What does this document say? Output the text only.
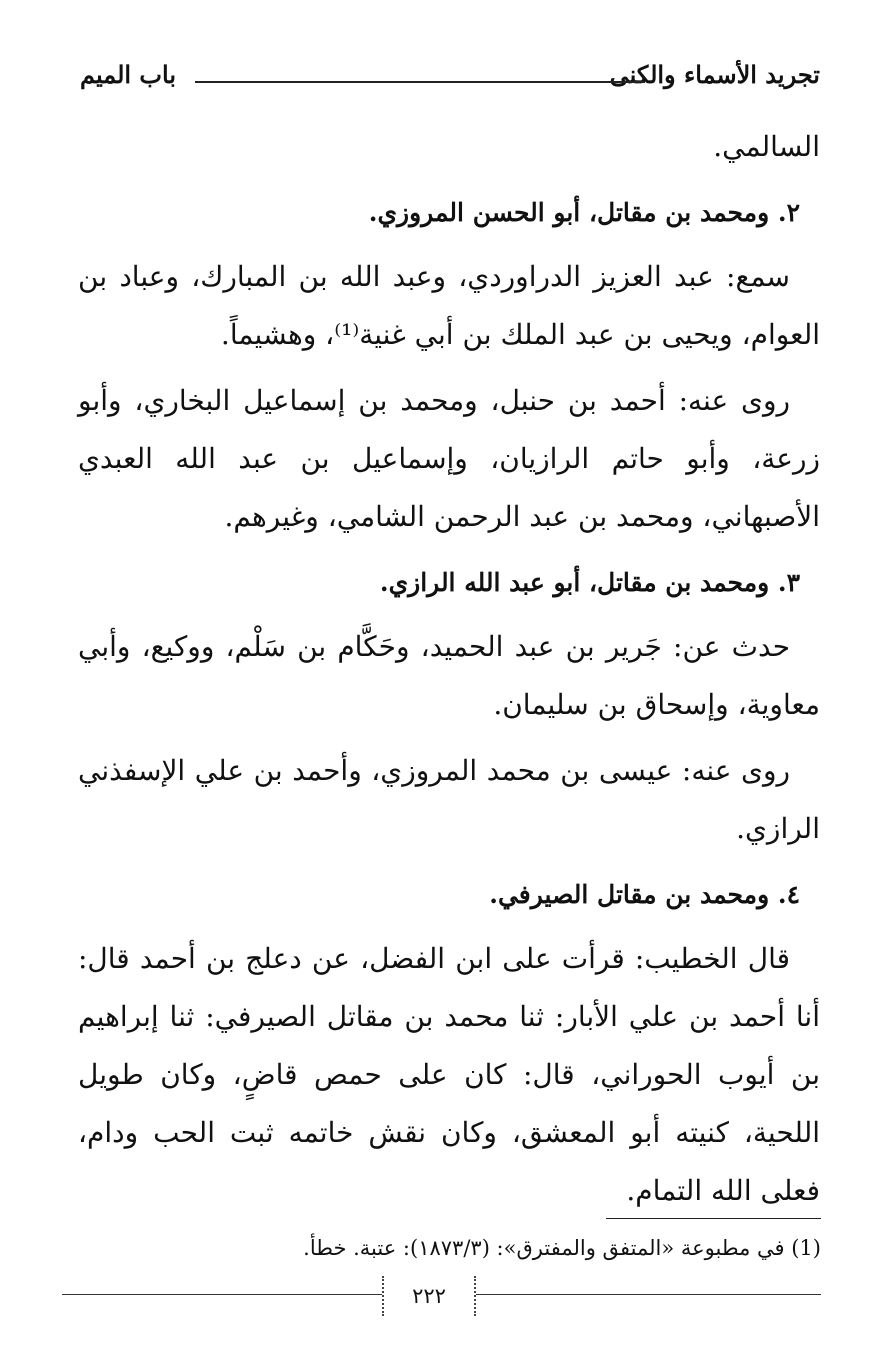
تجريد الأسماء والكنى
باب الميم

السالمي.

٢. ومحمد بن مقاتل، أبو الحسن المروزي.

سمع: عبد العزيز الدراوردي، وعبد الله بن المبارك، وعباد بن العوام، ويحيى بن عبد الملك بن أبي غنية⁽¹⁾، وهشيماً.

روى عنه: أحمد بن حنبل، ومحمد بن إسماعيل البخاري، وأبو زرعة، وأبو حاتم الرازيان، وإسماعيل بن عبد الله العبدي الأصبهاني، ومحمد بن عبد الرحمن الشامي، وغيرهم.

٣. ومحمد بن مقاتل، أبو عبد الله الرازي.

حدث عن: جَرير بن عبد الحميد، وحَكَّام بن سَلْم، ووكيع، وأبي معاوية، وإسحاق بن سليمان.

روى عنه: عيسى بن محمد المروزي، وأحمد بن علي الإسفذني الرازي.

٤. ومحمد بن مقاتل الصيرفي.

قال الخطيب: قرأت على ابن الفضل، عن دعلج بن أحمد قال: أنا أحمد بن علي الأبار: ثنا محمد بن مقاتل الصيرفي: ثنا إبراهيم بن أيوب الحوراني، قال: كان على حمص قاضٍ، وكان طويل اللحية، كنيته أبو المعشق، وكان نقش خاتمه ثبت الحب ودام، فعلى الله التمام.

(1) في مطبوعة «المتفق والمفترق»: (١٨٧٣/٣): عتبة. خطأ.
٢٢٢
